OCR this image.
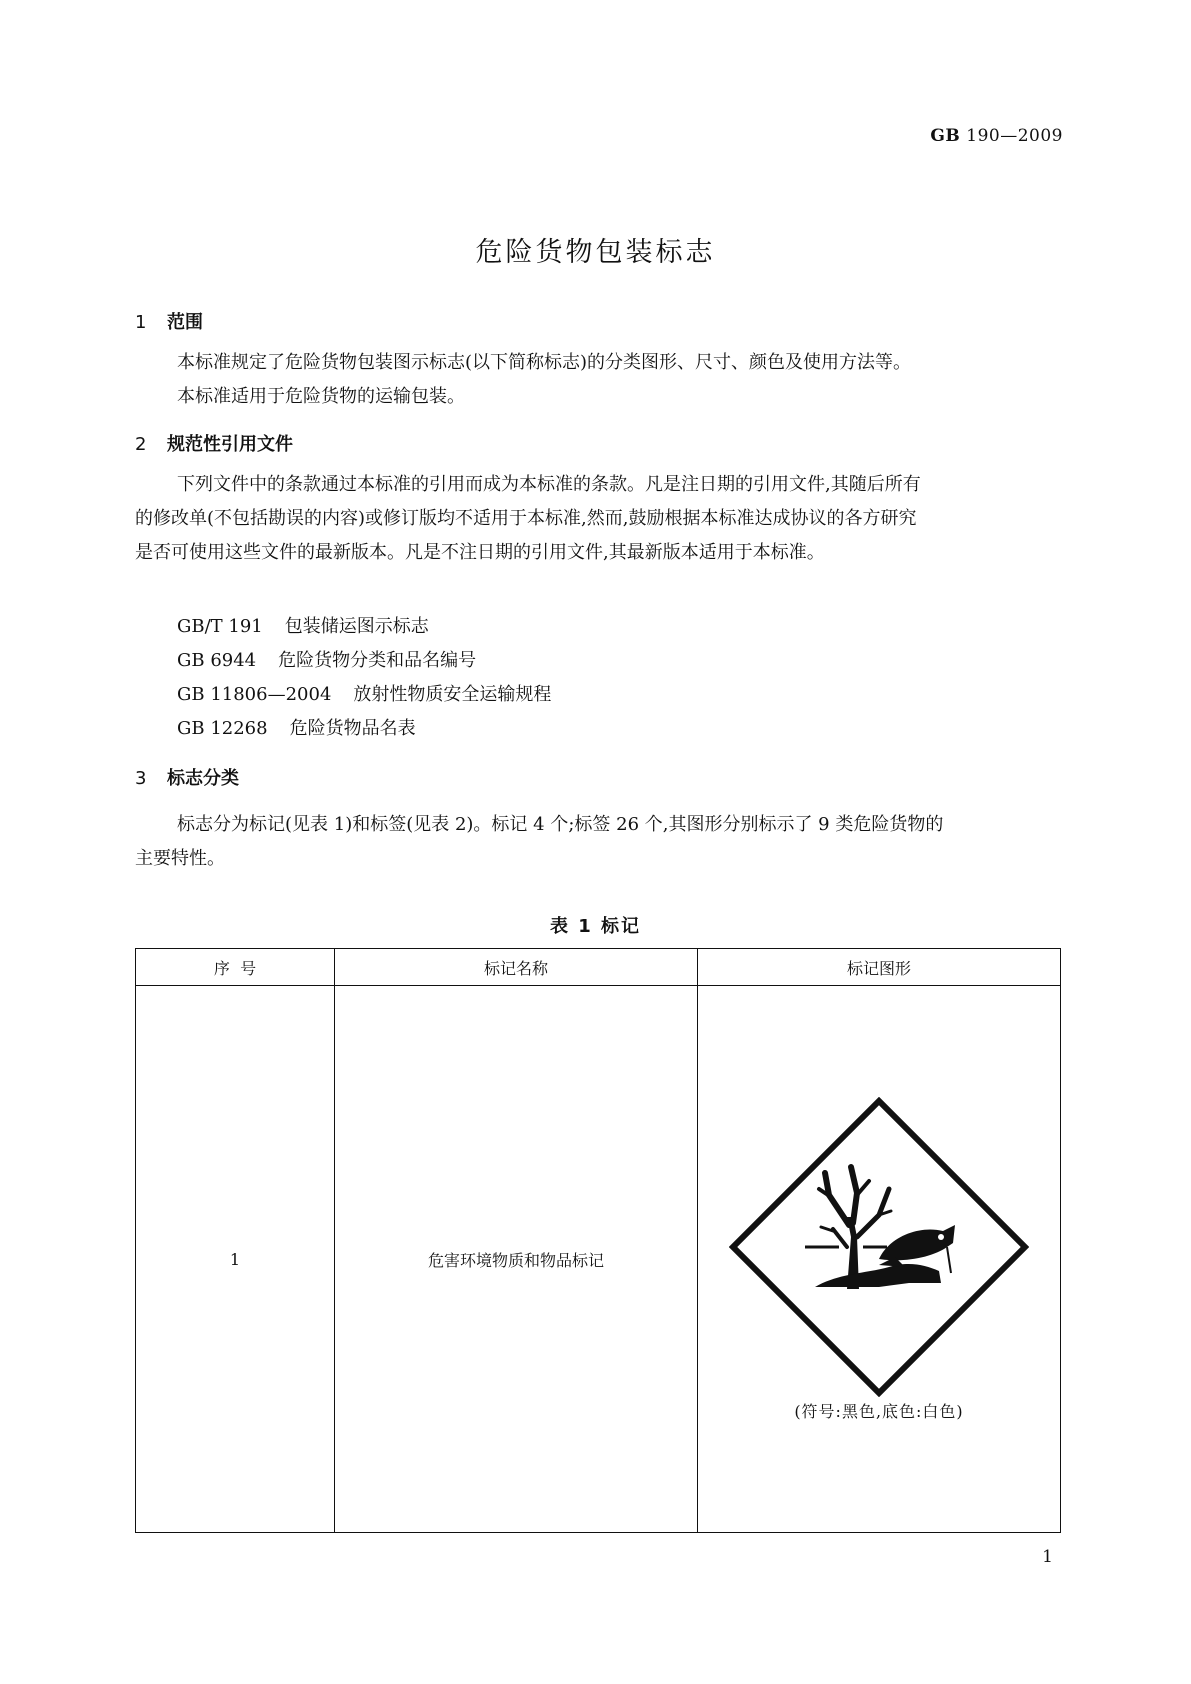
GB 190—2009
危险货物包装标志
1 范围
本标准规定了危险货物包装图示标志(以下简称标志)的分类图形、尺寸、颜色及使用方法等。
本标准适用于危险货物的运输包装。
2 规范性引用文件
下列文件中的条款通过本标准的引用而成为本标准的条款。凡是注日期的引用文件,其随后所有
的修改单(不包括勘误的内容)或修订版均不适用于本标准,然而,鼓励根据本标准达成协议的各方研究
是否可使用这些文件的最新版本。凡是不注日期的引用文件,其最新版本适用于本标准。
GB/T 191 包装储运图示标志
GB 6944 危险货物分类和品名编号
GB 11806—2004 放射性物质安全运输规程
GB 12268 危险货物品名表
3 标志分类
标志分为标记(见表 1)和标签(见表 2)。标记 4 个;标签 26 个,其图形分别标示了 9 类危险货物的
主要特性。
表 1 标记
序  号	标记名称	标记图形
1	危害环境物质和物品标记	(符号:黑色,底色:白色)
1
